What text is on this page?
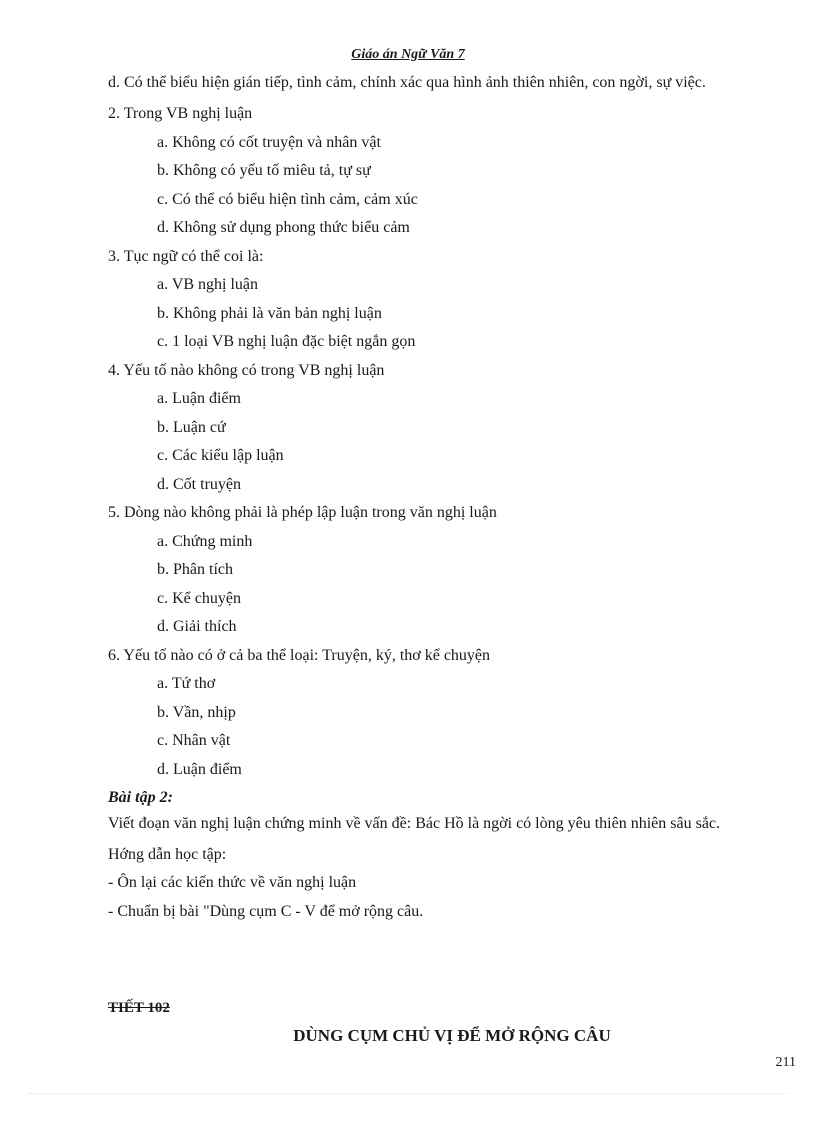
Giáo án Ngữ Văn 7
d. Có thể biểu hiện gián tiếp, tình cảm, chính xác qua hình ảnh thiên nhiên, con ngời, sự việc.
2. Trong VB nghị luận
a. Không có cốt truyện và nhân vật
b. Không có yếu tố miêu tả, tự sự
c. Có thể có biểu hiện tình cảm, cảm xúc
d. Không sử dụng phong thức biểu cảm
3. Tục ngữ có thể coi là:
a. VB nghị luận
b. Không phải là văn bản nghị luận
c. 1 loại VB nghị luận đặc biệt ngắn gọn
4. Yếu tố nào không có trong VB nghị luận
a. Luận điểm
b. Luận cứ
c. Các kiểu lập luận
d. Cốt truyện
5. Dòng nào không phải là phép lập luận trong văn nghị luận
a. Chứng minh
b. Phân tích
c. Kể chuyện
d. Giải thích
6. Yếu tố nào có ở cả ba thể loại: Truyện, ký, thơ kể chuyện
a. Tứ thơ
b. Vần, nhịp
c. Nhân vật
d. Luận điểm
Bài tập 2:
Viết đoạn văn nghị luận chứng minh về vấn đề: Bác Hồ là ngời có lòng yêu thiên nhiên sâu sắc.
Hớng dẫn học tập:
- Ôn lại các kiến thức về văn nghị luận
- Chuẩn bị bài "Dùng cụm C - V để mở rộng câu.
TIẾT 102
DÙNG CỤM CHỦ VỊ ĐỂ MỞ RỘNG CÂU
211
